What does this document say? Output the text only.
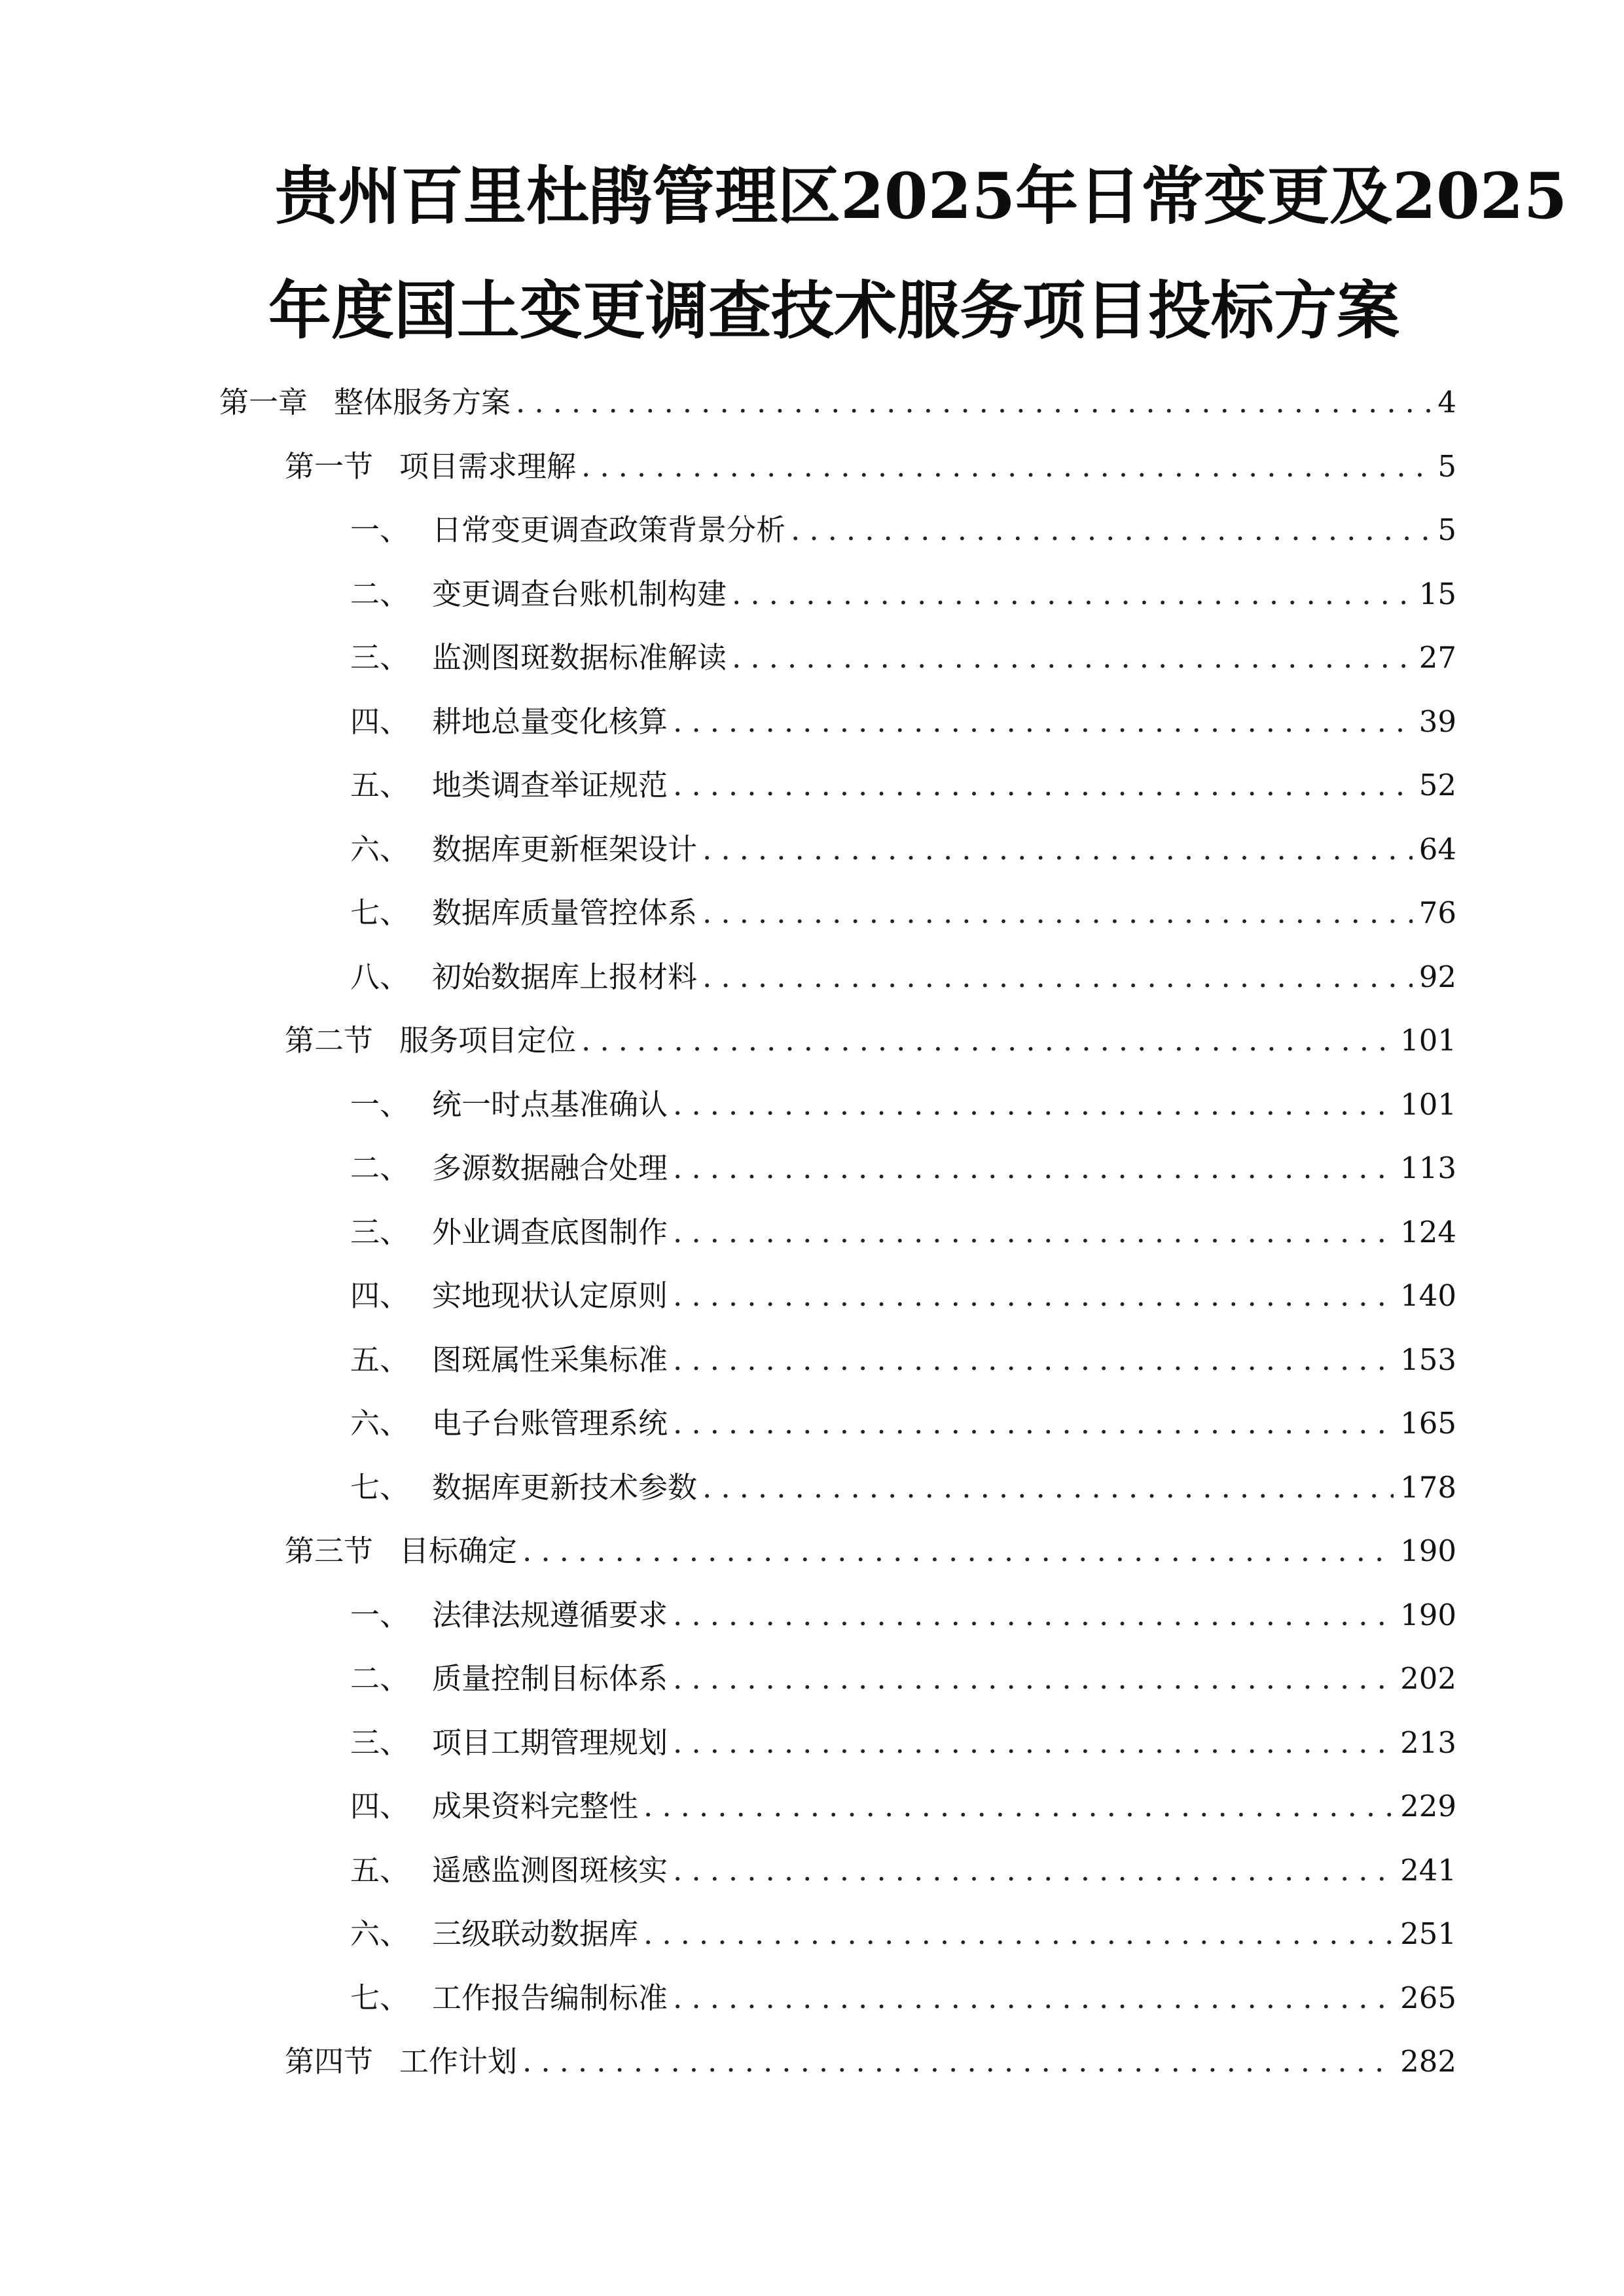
贵州百里杜鹃管理区2025年日常变更及2025
年度国土变更调查技术服务项目投标方案
第一章 整体服务方案 .....	4
第一节 项目需求理解 .....	5
一、 日常变更调查政策背景分析 .....	5
二、 变更调查台账机制构建 .....	15
三、 监测图斑数据标准解读 .....	27
四、 耕地总量变化核算 .....	39
五、 地类调查举证规范 .....	52
六、 数据库更新框架设计 .....	64
七、 数据库质量管控体系 .....	76
八、 初始数据库上报材料 .....	92
第二节 服务项目定位 .....	101
一、 统一时点基准确认 .....	101
二、 多源数据融合处理 .....	113
三、 外业调查底图制作 .....	124
四、 实地现状认定原则 .....	140
五、 图斑属性采集标准 .....	153
六、 电子台账管理系统 .....	165
七、 数据库更新技术参数 .....	178
第三节 目标确定 .....	190
一、 法律法规遵循要求 .....	190
二、 质量控制目标体系 .....	202
三、 项目工期管理规划 .....	213
四、 成果资料完整性 .....	229
五、 遥感监测图斑核实 .....	241
六、 三级联动数据库 .....	251
七、 工作报告编制标准 .....	265
第四节 工作计划 .....	282
